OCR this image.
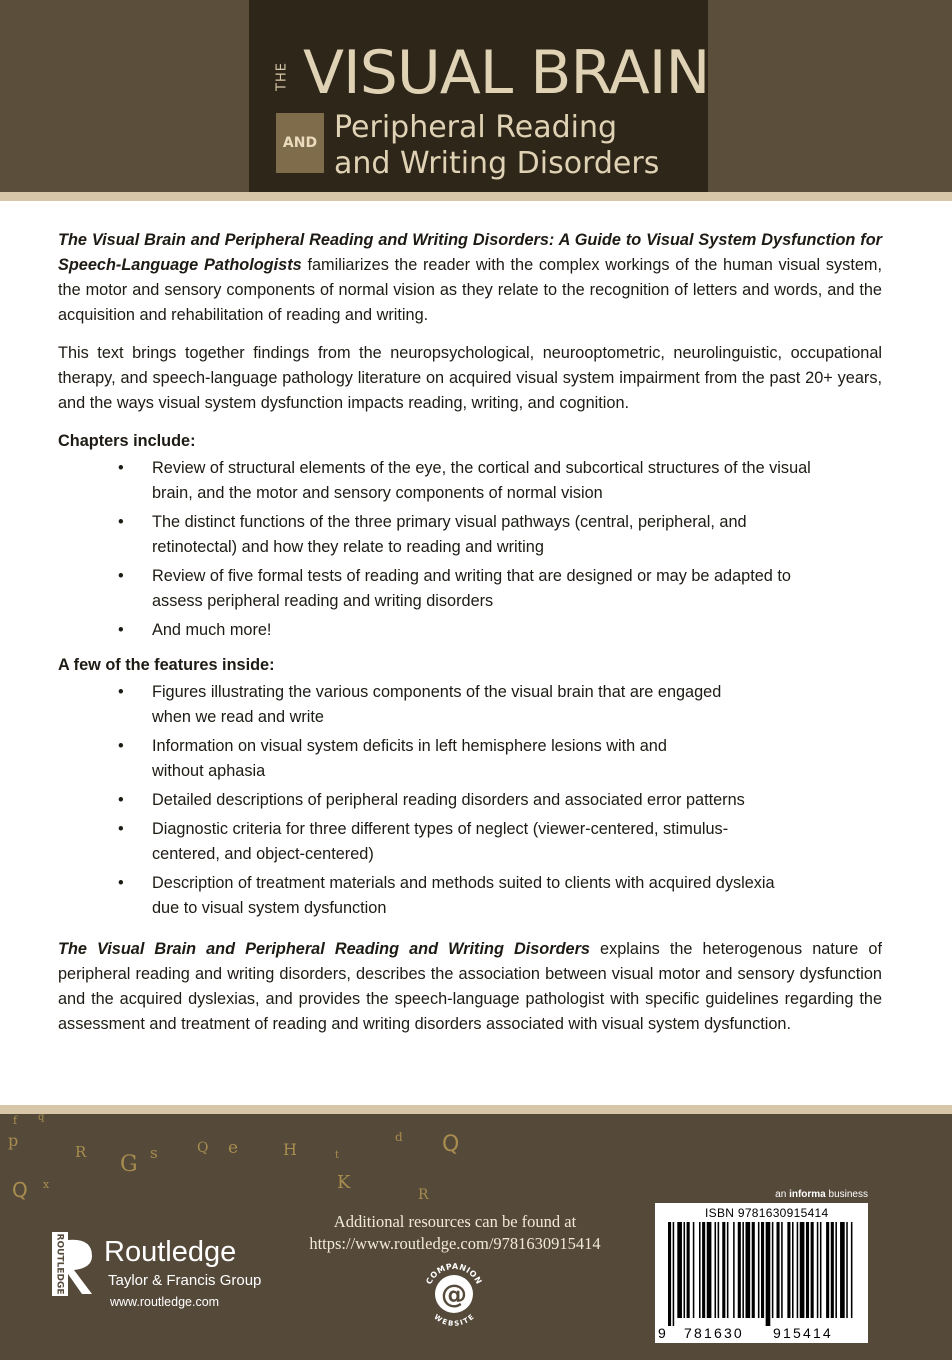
THE VISUAL BRAIN
AND Peripheral Reading
and Writing Disorders

The Visual Brain and Peripheral Reading and Writing Disorders: A Guide to Visual System Dysfunction for Speech-Language Pathologists familiarizes the reader with the complex workings of the human visual system, the motor and sensory components of normal vision as they relate to the recognition of letters and words, and the acquisition and rehabilitation of reading and writing.

This text brings together findings from the neuropsychological, neurooptometric, neurolinguistic, occupational therapy, and speech-language pathology literature on acquired visual system impairment from the past 20+ years, and the ways visual system dysfunction impacts reading, writing, and cognition.

Chapters include:
• Review of structural elements of the eye, the cortical and subcortical structures of the visual brain, and the motor and sensory components of normal vision
• The distinct functions of the three primary visual pathways (central, peripheral, and retinotectal) and how they relate to reading and writing
• Review of five formal tests of reading and writing that are designed or may be adapted to assess peripheral reading and writing disorders
• And much more!
A few of the features inside:
• Figures illustrating the various components of the visual brain that are engaged when we read and write
• Information on visual system deficits in left hemisphere lesions with and without aphasia
• Detailed descriptions of peripheral reading disorders and associated error patterns
• Diagnostic criteria for three different types of neglect (viewer-centered, stimulus-centered, and object-centered)
• Description of treatment materials and methods suited to clients with acquired dyslexia due to visual system dysfunction

The Visual Brain and Peripheral Reading and Writing Disorders explains the heterogenous nature of peripheral reading and writing disorders, describes the association between visual motor and sensory dysfunction and the acquired dyslexias, and provides the speech-language pathologist with specific guidelines regarding the assessment and treatment of reading and writing disorders associated with visual system dysfunction.

p
f q
R G s	Q e	H	t
d Q
Q x	K
R
Additional resources can be found at
https://www.routledge.com/9781630915414
@
COMPANION
WEBSITE
ROUTLEDGE Routledge
Taylor & Francis Group
www.routledge.com
an informa business
ISBN 9781630915414
9 781630 915414
